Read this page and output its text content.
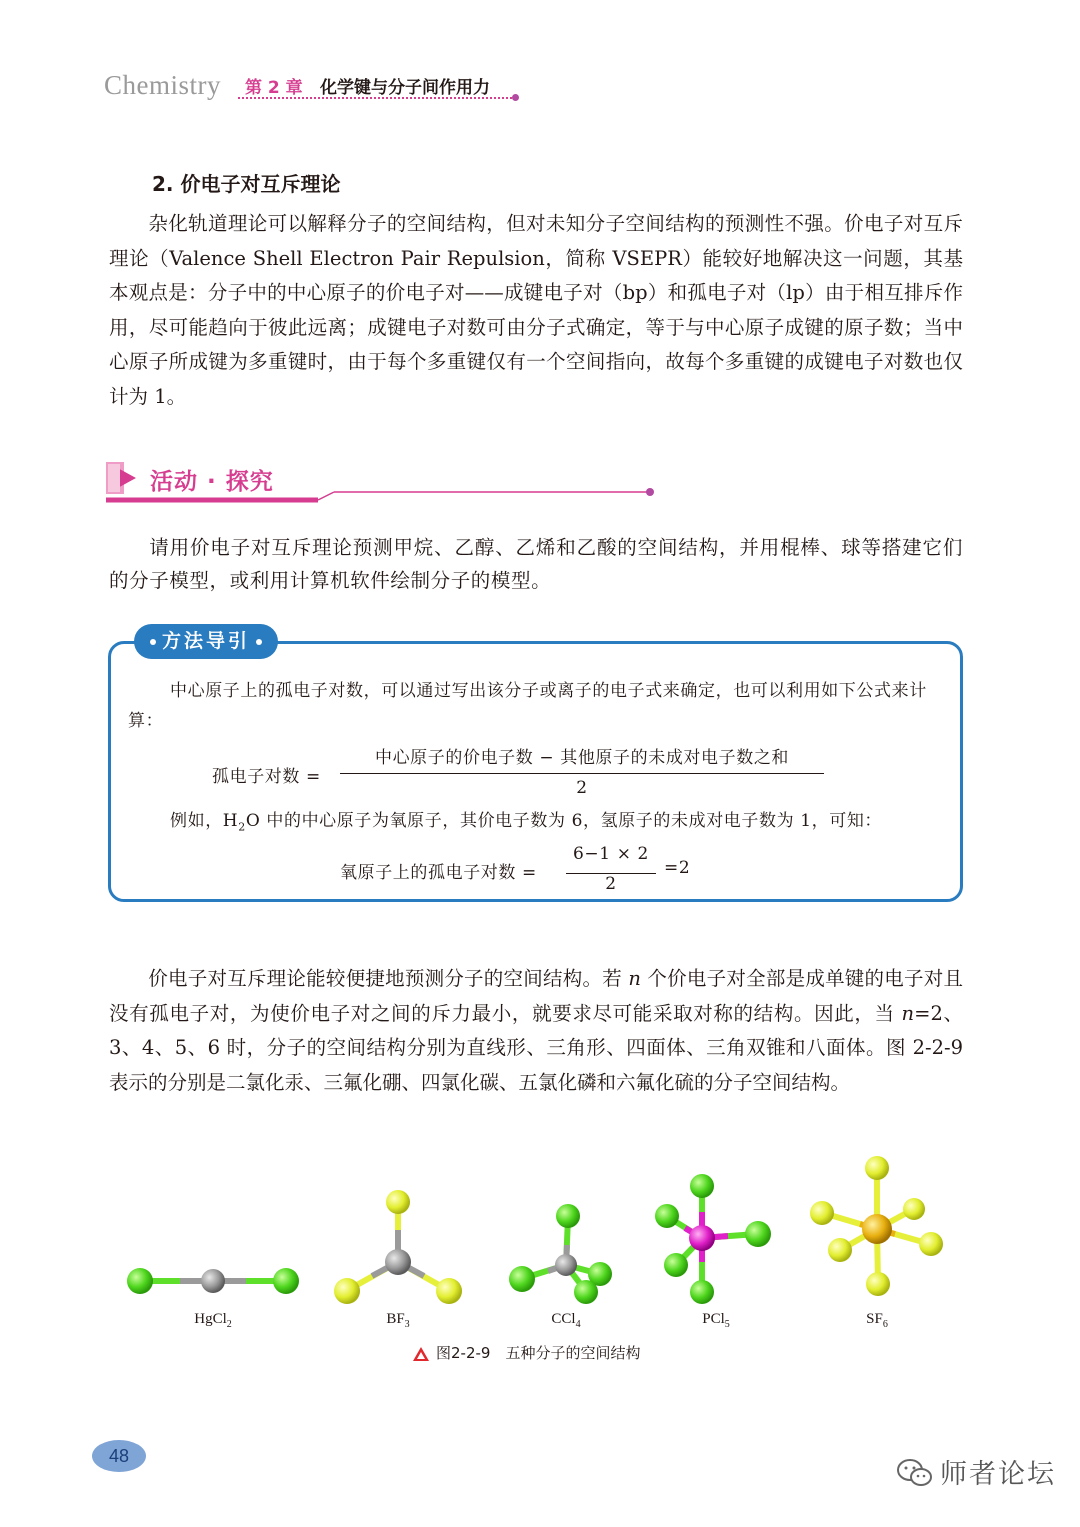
Chemistry 第 2 章 化学键与分子间作用力
2. 价电子对互斥理论
杂化轨道理论可以解释分子的空间结构，但对未知分子空间结构的预测性不强。价电子对互斥理论（Valence Shell Electron Pair Repulsion，简称 VSEPR）能较好地解决这一问题，其基本观点是：分子中的中心原子的价电子对——成键电子对（bp）和孤电子对（lp）由于相互排斥作用，尽可能趋向于彼此远离；成键电子对数可由分子式确定，等于与中心原子成键的原子数；当中心原子所成键为多重键时，由于每个多重键仅有一个空间指向，故每个多重键的成键电子对数也仅计为 1。
活动 · 探究
请用价电子对互斥理论预测甲烷、乙醇、乙烯和乙酸的空间结构，并用棍棒、球等搭建它们的分子模型，或利用计算机软件绘制分子的模型。
方法导引
中心原子上的孤电子对数，可以通过写出该分子或离子的电子式来确定，也可以利用如下公式来计算：
孤电子对数 =
中心原子的价电子数 − 其他原子的未成对电子数之和
2
例如，$H_2O$ 中的中心原子为氧原子，其价电子数为 6，氢原子的未成对电子数为 1，可知：
氧原子上的孤电子对数 =
6−1 × 2
2
=2
价电子对互斥理论能较便捷地预测分子的空间结构。若 n 个价电子对全部是成单键的电子对且没有孤电子对，为使价电子对之间的斥力最小，就要求尽可能采取对称的结构。因此，当 n=2、3、4、5、6 时，分子的空间结构分别为直线形、三角形、四面体、三角双锥和八面体。图 2-2-9 表示的分别是二氯化汞、三氟化硼、四氯化碳、五氯化磷和六氟化硫的分子空间结构。
HgCl$_2$	$BF_3$	CCl$_4$	PCl$_5$	$SF_6$
图2-2-9　五种分子的空间结构
48
师者论坛
